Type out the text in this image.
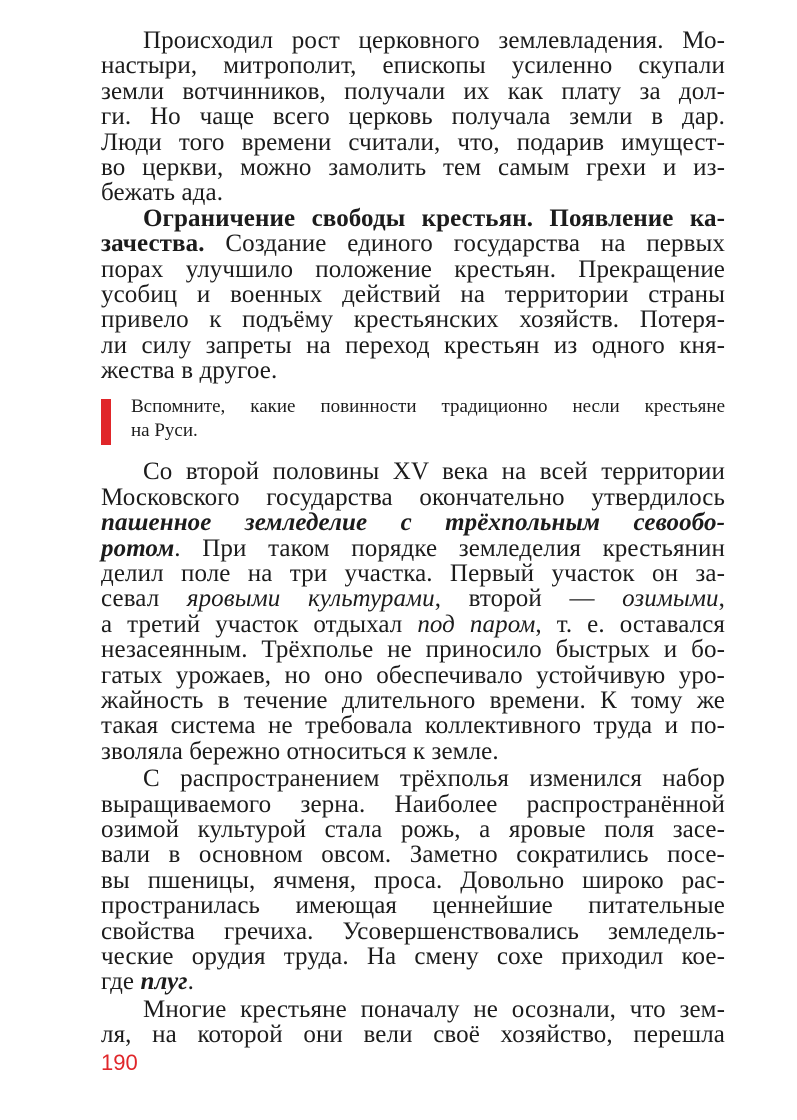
Происходил рост церковного землевладения. Мо-
настыри, митрополит, епископы усиленно скупали
земли вотчинников, получали их как плату за дол-
ги. Но чаще всего церковь получала земли в дар.
Люди того времени считали, что, подарив имущест-
во церкви, можно замолить тем самым грехи и из-
бежать ада.
Ограничение свободы крестьян. Появление ка-
зачества. Создание единого государства на первых
порах улучшило положение крестьян. Прекращение
усобиц и военных действий на территории страны
привело к подъёму крестьянских хозяйств. Потеря-
ли силу запреты на переход крестьян из одного кня-
жества в другое.
Вспомните, какие повинности традиционно несли крестьяне
на Руси.
Со второй половины XV века на всей территории
Московского государства окончательно утвердилось
пашенное земледелие с трёхпольным севообо-
ротом. При таком порядке земледелия крестьянин
делил поле на три участка. Первый участок он за-
севал яровыми культурами, второй — озимыми,
а третий участок отдыхал под паром, т. е. оставался
незасеянным. Трёхполье не приносило быстрых и бо-
гатых урожаев, но оно обеспечивало устойчивую уро-
жайность в течение длительного времени. К тому же
такая система не требовала коллективного труда и по-
зволяла бережно относиться к земле.
С распространением трёхполья изменился набор
выращиваемого зерна. Наиболее распространённой
озимой культурой стала рожь, а яровые поля засе-
вали в основном овсом. Заметно сократились посе-
вы пшеницы, ячменя, проса. Довольно широко рас-
пространилась имеющая ценнейшие питательные
свойства гречиха. Усовершенствовались земледель-
ческие орудия труда. На смену сохе приходил кое-
где плуг.
Многие крестьяне поначалу не осознали, что зем-
ля, на которой они вели своё хозяйство, перешла
190
